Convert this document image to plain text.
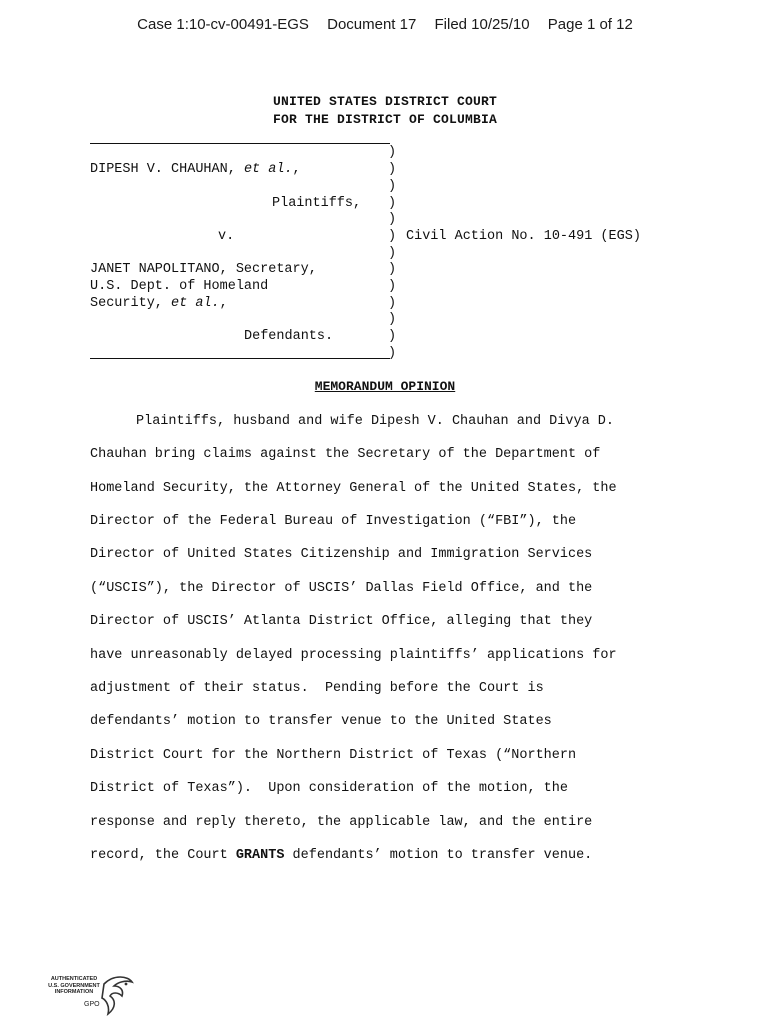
Case 1:10-cv-00491-EGS Document 17 Filed 10/25/10 Page 1 of 12
UNITED STATES DISTRICT COURT
FOR THE DISTRICT OF COLUMBIA
)
)
)
)
)
)
)
)
)
)
)
)
)
DIPESH V. CHAUHAN, et al.,
Plaintiffs,
v.	Civil Action No. 10-491 (EGS)
JANET NAPOLITANO, Secretary,
U.S. Dept. of Homeland
Security, et al.,
Defendants.
MEMORANDUM OPINION
Plaintiffs, husband and wife Dipesh V. Chauhan and Divya D.
Chauhan bring claims against the Secretary of the Department of
Homeland Security, the Attorney General of the United States, the
Director of the Federal Bureau of Investigation (“FBI”), the
Director of United States Citizenship and Immigration Services
(“USCIS”), the Director of USCIS’ Dallas Field Office, and the
Director of USCIS’ Atlanta District Office, alleging that they
have unreasonably delayed processing plaintiffs’ applications for
adjustment of their status.  Pending before the Court is
defendants’ motion to transfer venue to the United States
District Court for the Northern District of Texas (“Northern
District of Texas”).  Upon consideration of the motion, the
response and reply thereto, the applicable law, and the entire
record, the Court GRANTS defendants’ motion to transfer venue.
AUTHENTICATED
U.S. GOVERNMENT
INFORMATION
GPO
